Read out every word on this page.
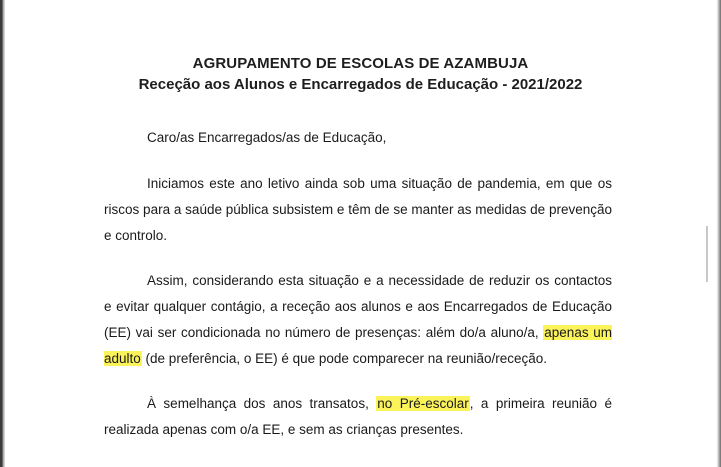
AGRUPAMENTO DE ESCOLAS DE AZAMBUJA
Receção aos Alunos e Encarregados de Educação - 2021/2022
Caro/as Encarregados/as de Educação,
Iniciamos este ano letivo ainda sob uma situação de pandemia, em que os riscos para a saúde pública subsistem e têm de se manter as medidas de prevenção e controlo.
Assim, considerando esta situação e a necessidade de reduzir os contactos e evitar qualquer contágio, a receção aos alunos e aos Encarregados de Educação (EE) vai ser condicionada no número de presenças: além do/a aluno/a, apenas um adulto (de preferência, o EE) é que pode comparecer na reunião/receção.
À semelhança dos anos transatos, no Pré-escolar, a primeira reunião é realizada apenas com o/a EE, e sem as crianças presentes.
